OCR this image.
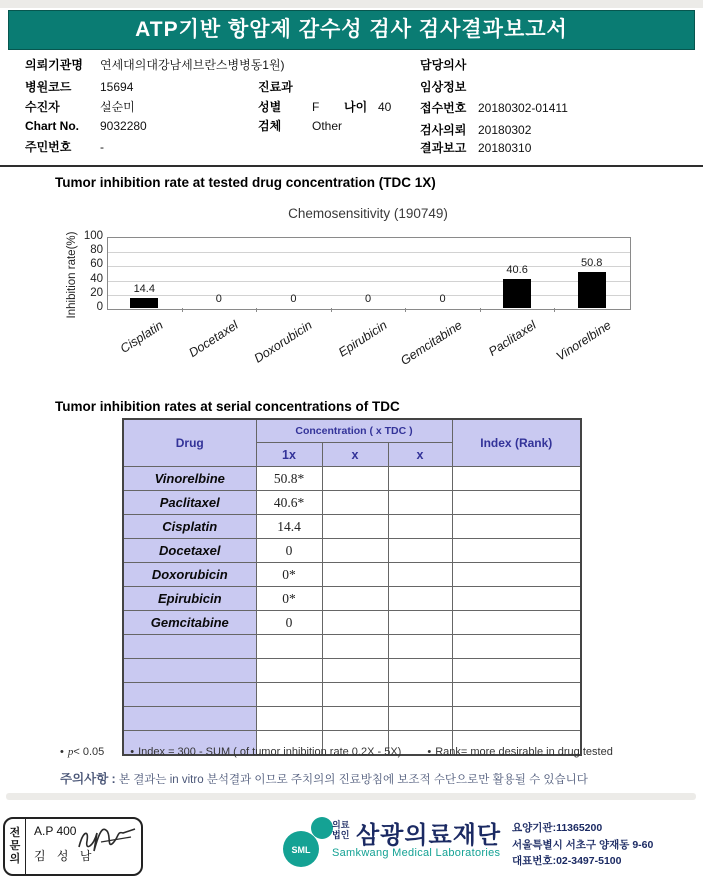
ATP기반 항암제 감수성 검사 검사결과보고서
의뢰기관명	연세대의대강남세브란스병병동1원)
병원코드	15694
수진자	설순미
Chart No.	9032280
주민번호	-
진료과
성별	F	나이 40
검체	Other
담당의사
임상정보
접수번호 20180302-01411
검사의뢰 20180302
결과보고 20180310
Tumor inhibition rate at tested drug concentration (TDC 1X)
Chemosensitivity (190749)
Inhibition rate(%)	0
20
40
60
80
100
14.4
Cisplatin
0
Docetaxel
0
Doxorubicin
0
Epirubicin
0
Gemcitabine
40.6
Paclitaxel
50.8
Vinorelbine
Tumor inhibition rates at serial concentrations of TDC
Drug	Concentration ( x TDC )			Index (Rank)
	1x	x	x	
Vinorelbine	50.8*			
Paclitaxel	40.6*			
Cisplatin	14.4			
Docetaxel	0			
Doxorubicin	0*			
Epirubicin	0*			
Gemcitabine	0			

• p< 0.05 • Index = 300 - SUM ( of tumor inhibition rate 0.2X - 5X) • Rank= more desirable in drug tested
주의사항 : 본 결과는 in vitro 분석결과 이므로 주치의의 진료방침에 보조적 수단으로만 활용될 수 있습니다
전
문
의
A.P 400
김 성 남	SML
의료
법인 삼광의료재단
Samkwang Medical Laboratories
요양기관:11365200
서울특별시 서초구 양재동 9-60
대표번호:02-3497-5100
